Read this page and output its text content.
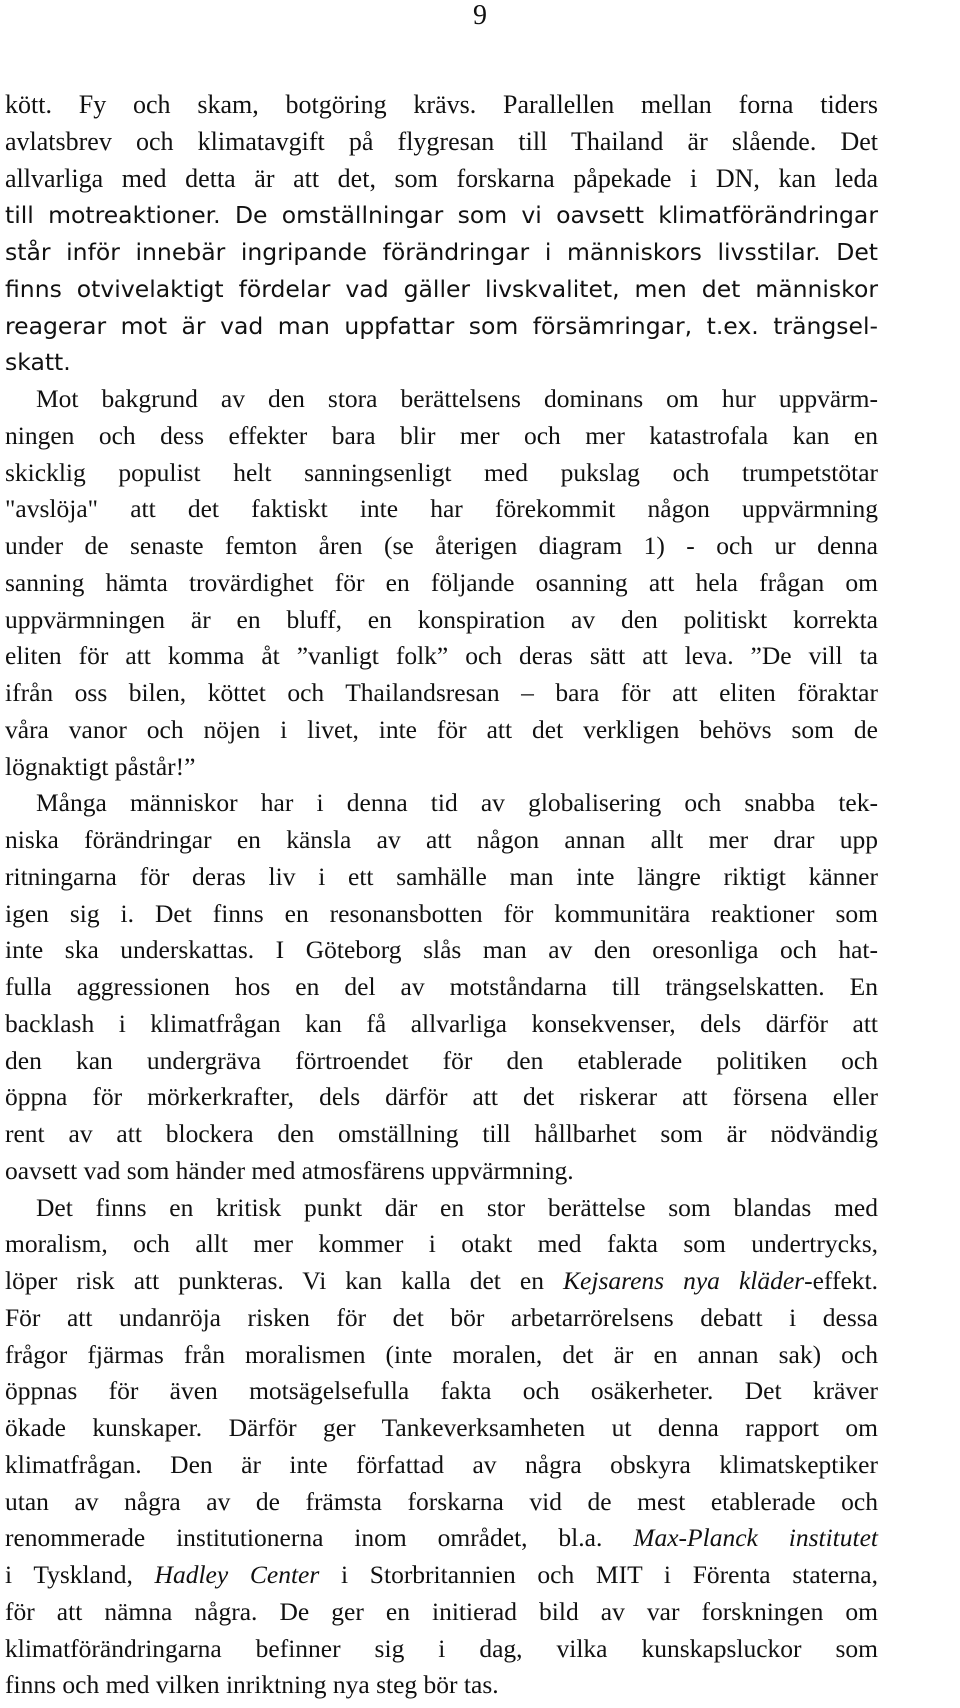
9
kött. Fy och skam, botgöring krävs. Parallellen mellan forna tiders
avlatsbrev och klimatavgift på flygresan till Thailand är slående. Det
allvarliga med detta är att det, som forskarna påpekade i DN, kan leda
till motreaktioner. De omställningar som vi oavsett klimatförändringar
står inför innebär ingripande förändringar i människors livsstilar. Det
finns otvivelaktigt fördelar vad gäller livskvalitet, men det människor
reagerar mot är vad man uppfattar som försämringar, t.ex. trängsel-
skatt.
Mot bakgrund av den stora berättelsens dominans om hur uppvärm-
ningen och dess effekter bara blir mer och mer katastrofala kan en
skicklig populist helt sanningsenligt med pukslag och trumpetstötar
"avslöja" att det faktiskt inte har förekommit någon uppvärmning
under de senaste femton åren (se återigen diagram 1) - och ur denna
sanning hämta trovärdighet för en följande osanning att hela frågan om
uppvärmningen är en bluff, en konspiration av den politiskt korrekta
eliten för att komma åt ”vanligt folk” och deras sätt att leva. ”De vill ta
ifrån oss bilen, köttet och Thailandsresan – bara för att eliten föraktar
våra vanor och nöjen i livet, inte för att det verkligen behövs som de
lögnaktigt påstår!”
Många människor har i denna tid av globalisering och snabba tek-
niska förändringar en känsla av att någon annan allt mer drar upp
ritningarna för deras liv i ett samhälle man inte längre riktigt känner
igen sig i. Det finns en resonansbotten för kommunitära reaktioner som
inte ska underskattas. I Göteborg slås man av den oresonliga och hat-
fulla aggressionen hos en del av motståndarna till trängselskatten. En
backlash i klimatfrågan kan få allvarliga konsekvenser, dels därför att
den kan undergräva förtroendet för den etablerade politiken och
öppna för mörkerkrafter, dels därför att det riskerar att försena eller
rent av att blockera den omställning till hållbarhet som är nödvändig
oavsett vad som händer med atmosfärens uppvärmning.
Det finns en kritisk punkt där en stor berättelse som blandas med
moralism, och allt mer kommer i otakt med fakta som undertrycks,
löper risk att punkteras. Vi kan kalla det en Kejsarens nya kläder-effekt.
För att undanröja risken för det bör arbetarrörelsens debatt i dessa
frågor fjärmas från moralismen (inte moralen, det är en annan sak) och
öppnas för även motsägelsefulla fakta och osäkerheter. Det kräver
ökade kunskaper. Därför ger Tankeverksamheten ut denna rapport om
klimatfrågan. Den är inte författad av några obskyra klimatskeptiker
utan av några av de främsta forskarna vid de mest etablerade och
renommerade institutionerna inom området, bl.a. Max-Planck institutet
i Tyskland, Hadley Center i Storbritannien och MIT i Förenta staterna,
för att nämna några. De ger en initierad bild av var forskningen om
klimatförändringarna befinner sig i dag, vilka kunskapsluckor som
finns och med vilken inriktning nya steg bör tas.
